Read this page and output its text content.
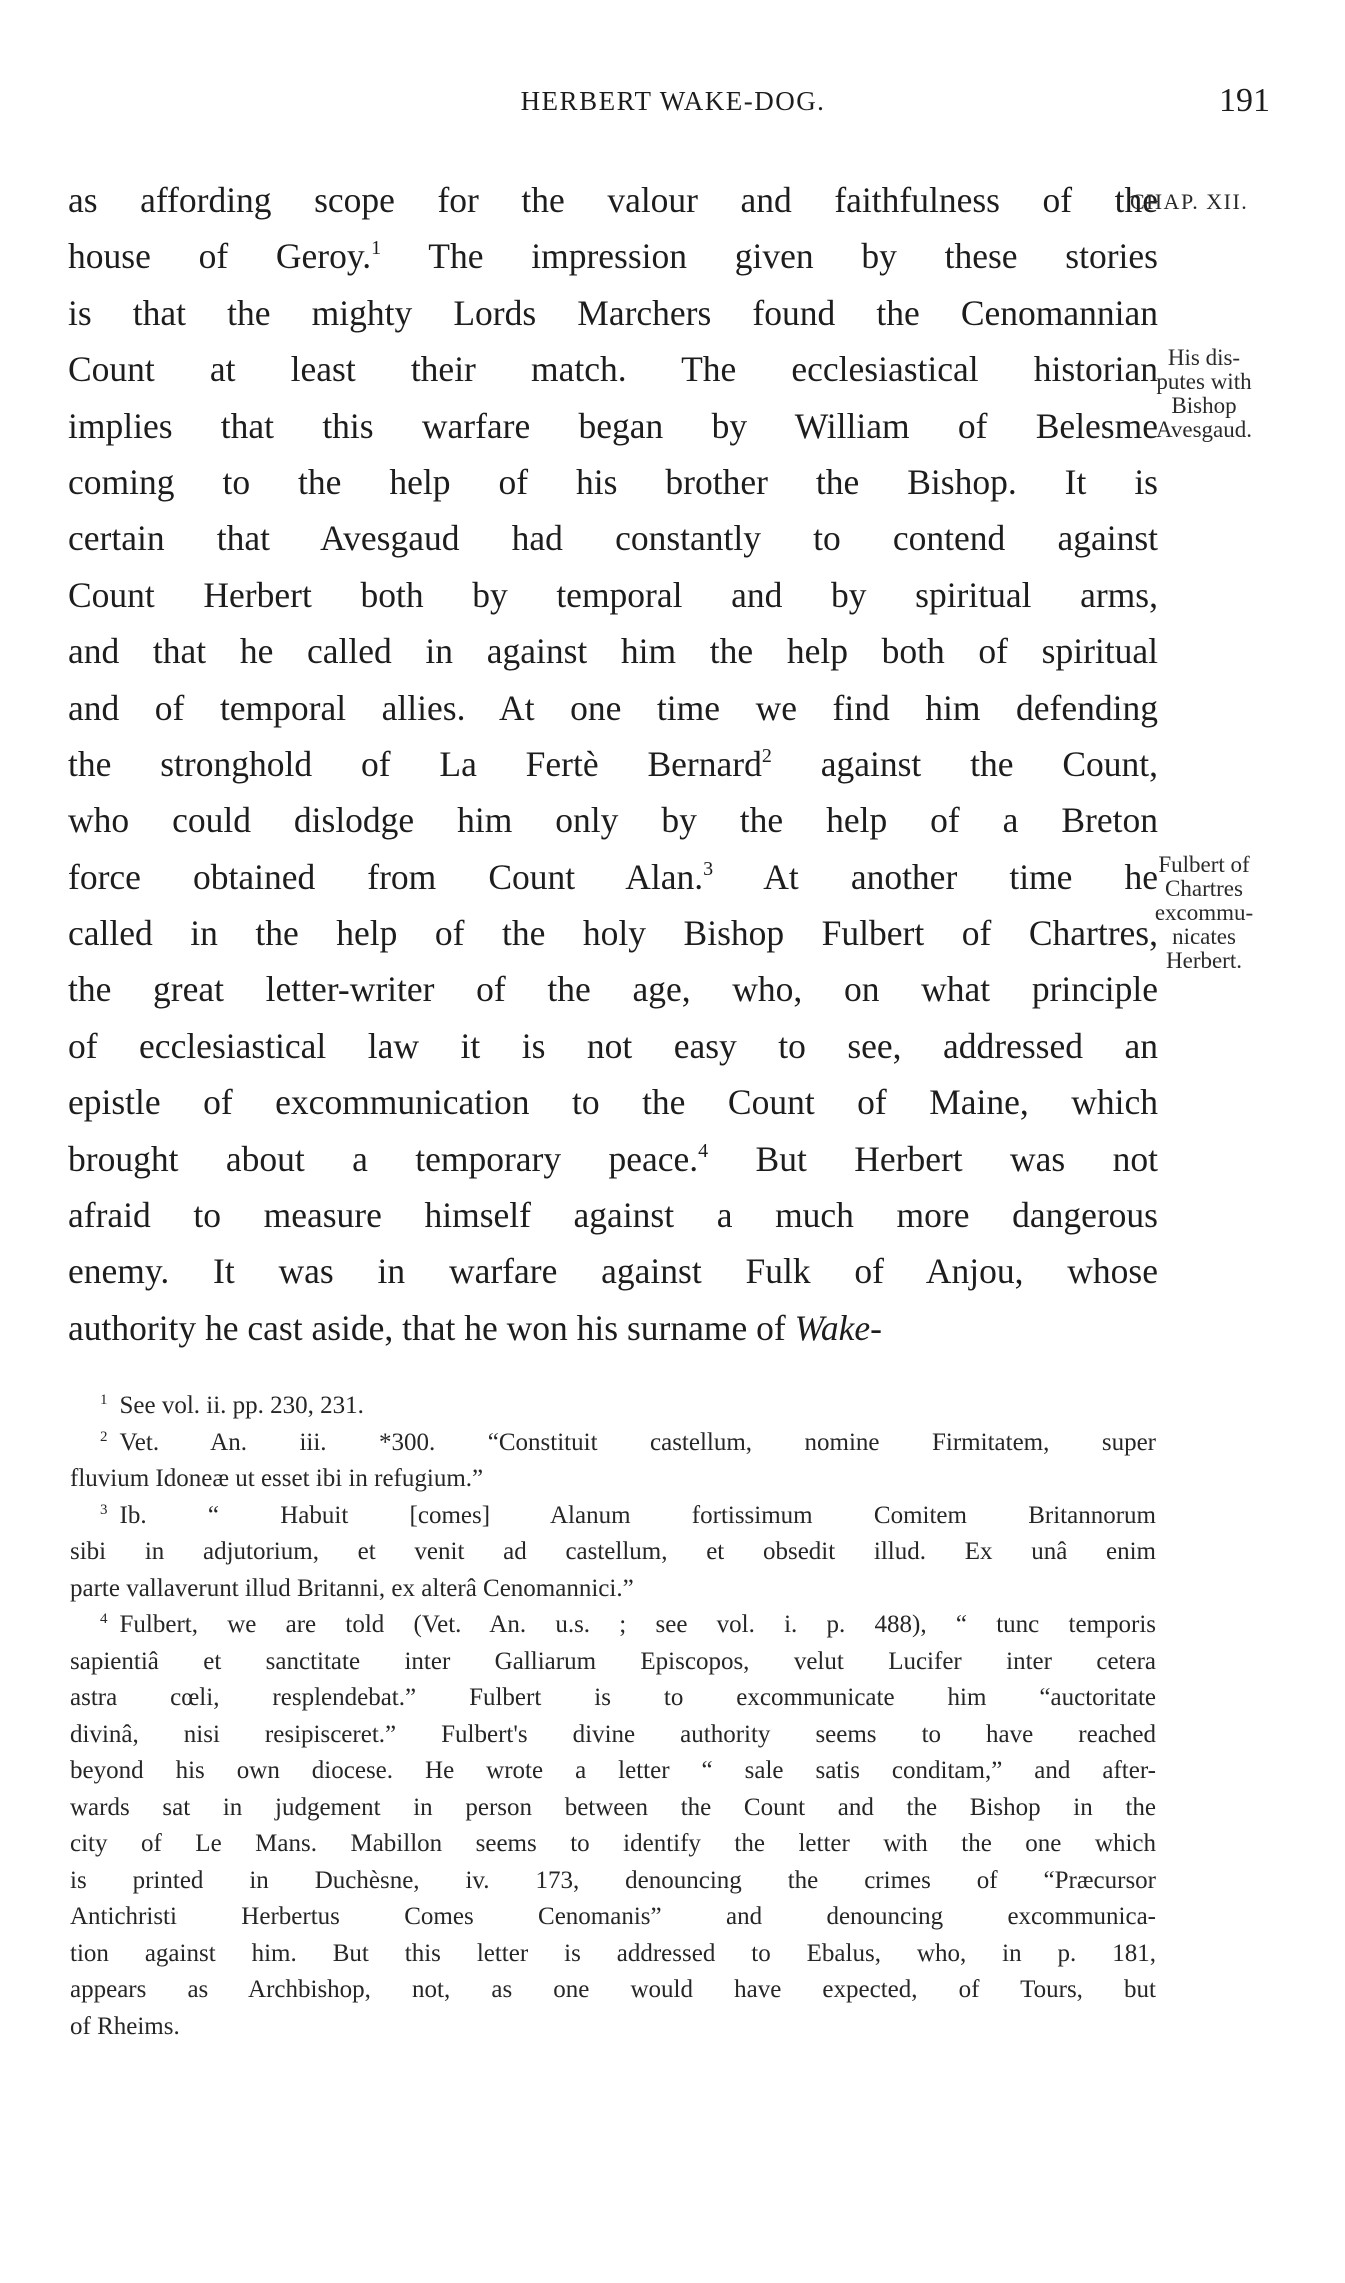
HERBERT WAKE-DOG.	191
as affording scope for the valour and faithfulness of the
house of Geroy.$^1$ The impression given by these stories
is that the mighty Lords Marchers found the Cenomannian
Count at least their match. The ecclesiastical historian
implies that this warfare began by William of Belesme
coming to the help of his brother the Bishop. It is
certain that Avesgaud had constantly to contend against
Count Herbert both by temporal and by spiritual arms,
and that he called in against him the help both of spiritual
and of temporal allies. At one time we find him defending
the stronghold of La Fertè Bernard$^2$ against the Count,
who could dislodge him only by the help of a Breton
force obtained from Count Alan.$^3$ At another time he
called in the help of the holy Bishop Fulbert of Chartres,
the great letter-writer of the age, who, on what principle
of ecclesiastical law it is not easy to see, addressed an
epistle of excommunication to the Count of Maine, which
brought about a temporary peace.$^4$ But Herbert was not
afraid to measure himself against a much more dangerous
enemy. It was in warfare against Fulk of Anjou, whose
authority he cast aside, that he won his surname of Wake-
CHAP. XII.
His dis-
putes with
Bishop
Avesgaud.
Fulbert of
Chartres
excommu-
nicates
Herbert.
$^1$ See vol. ii. pp. 230, 231.
$^2$ Vet. An. iii. *300. “Constituit castellum, nomine Firmitatem, super
fluvium Idoneæ ut esset ibi in refugium.”
$^3$ Ib. “ Habuit [comes] Alanum fortissimum Comitem Britannorum
sibi in adjutorium, et venit ad castellum, et obsedit illud. Ex unâ enim
parte vallaverunt illud Britanni, ex alterâ Cenomannici.”
$^4$ Fulbert, we are told (Vet. An. u.s. ; see vol. i. p. 488), “ tunc temporis
sapientiâ et sanctitate inter Galliarum Episcopos, velut Lucifer inter cetera
astra cœli, resplendebat.” Fulbert is to excommunicate him “auctoritate
divinâ, nisi resipisceret.” Fulbert's divine authority seems to have reached
beyond his own diocese. He wrote a letter “ sale satis conditam,” and after-
wards sat in judgement in person between the Count and the Bishop in the
city of Le Mans. Mabillon seems to identify the letter with the one which
is printed in Duchèsne, iv. 173, denouncing the crimes of “Præcursor
Antichristi Herbertus Comes Cenomanis” and denouncing excommunica-
tion against him. But this letter is addressed to Ebalus, who, in p. 181,
appears as Archbishop, not, as one would have expected, of Tours, but
of Rheims.
